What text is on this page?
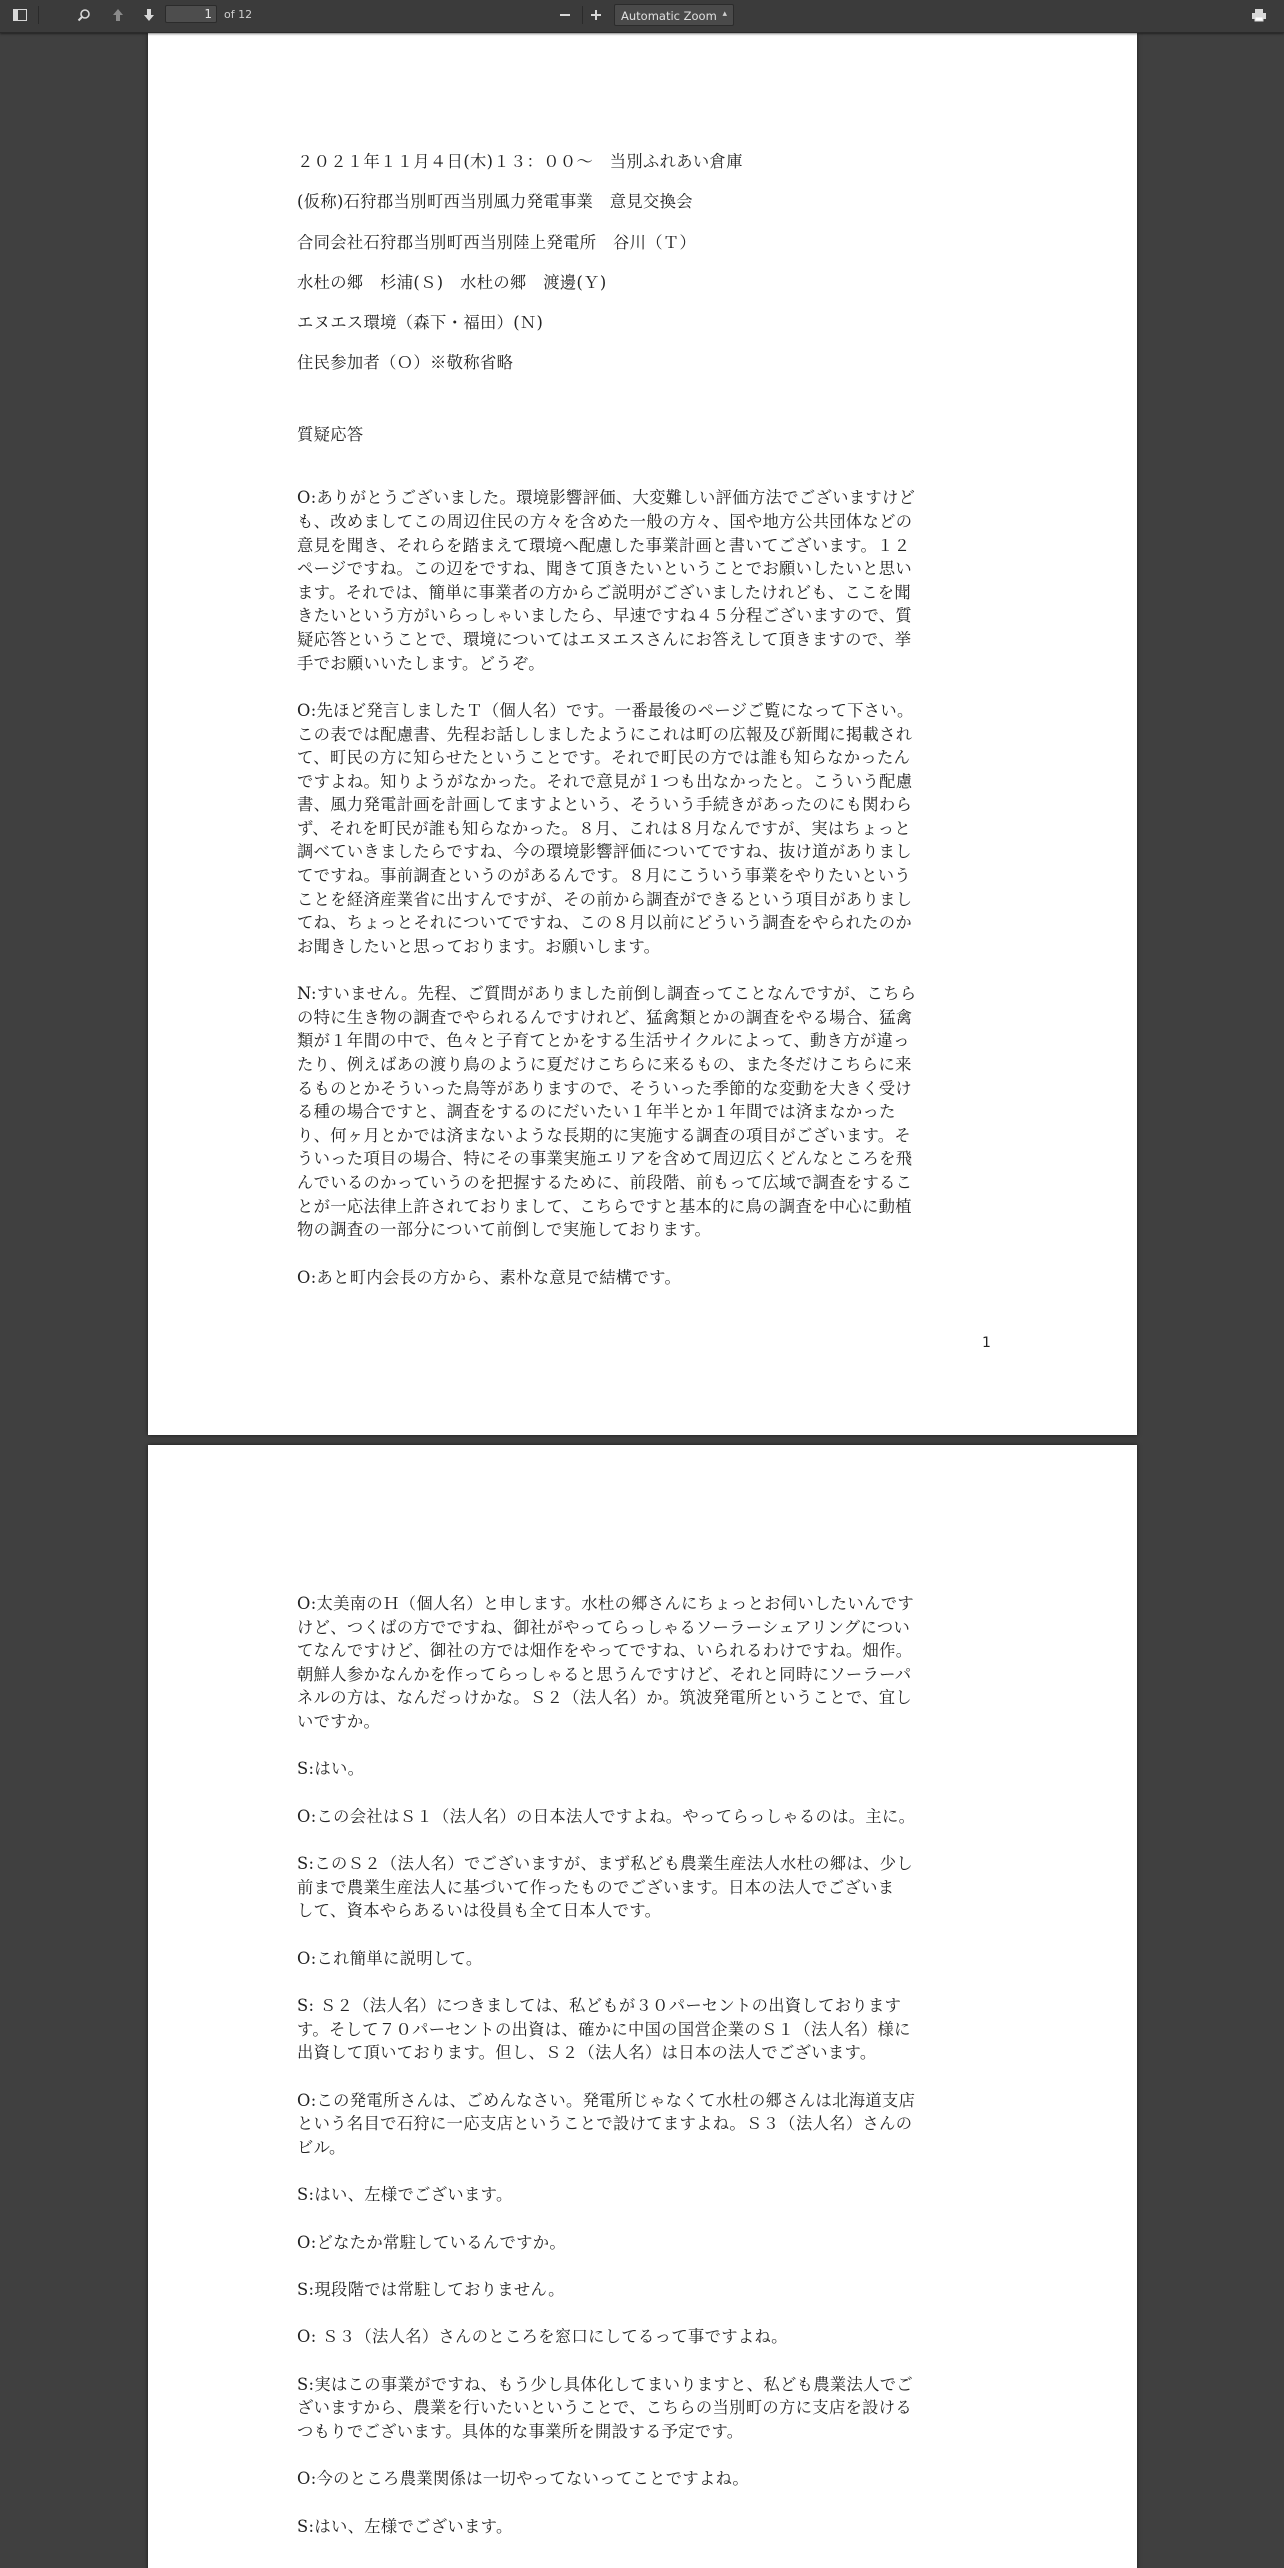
1	of 12	Automatic Zoom ▴︎

２０２１年１１月４日(木)１３：００～　当別ふれあい倉庫

(仮称)石狩郡当別町西当別風力発電事業　意見交換会

合同会社石狩郡当別町西当別陸上発電所　谷川（Ｔ）

水杜の郷　杉浦(Ｓ)　水杜の郷　渡邊(Ｙ)

エヌエス環境（森下・福田）(Ｎ)

住民参加者（Ｏ）※敬称省略

質疑応答

O:ありがとうございました。環境影響評価、大変難しい評価方法でございますけど
も、改めましてこの周辺住民の方々を含めた一般の方々、国や地方公共団体などの
意見を聞き、それらを踏まえて環境へ配慮した事業計画と書いてございます。１２
ページですね。この辺をですね、聞きて頂きたいということでお願いしたいと思い
ます。それでは、簡単に事業者の方からご説明がございましたけれども、ここを聞
きたいという方がいらっしゃいましたら、早速ですね４５分程ございますので、質
疑応答ということで、環境についてはエヌエスさんにお答えして頂きますので、挙
手でお願いいたします。どうぞ。
O:先ほど発言しましたＴ（個人名）です。一番最後のページご覧になって下さい。
この表では配慮書、先程お話ししましたようにこれは町の広報及び新聞に掲載され
て、町民の方に知らせたということです。それで町民の方では誰も知らなかったん
ですよね。知りようがなかった。それで意見が１つも出なかったと。こういう配慮
書、風力発電計画を計画してますよという、そういう手続きがあったのにも関わら
ず、それを町民が誰も知らなかった。８月、これは８月なんですが、実はちょっと
調べていきましたらですね、今の環境影響評価についてですね、抜け道がありまし
てですね。事前調査というのがあるんです。８月にこういう事業をやりたいという
ことを経済産業省に出すんですが、その前から調査ができるという項目がありまし
てね、ちょっとそれについてですね、この８月以前にどういう調査をやられたのか
お聞きしたいと思っております。お願いします。
N:すいません。先程、ご質問がありました前倒し調査ってことなんですが、こちら
の特に生き物の調査でやられるんですけれど、猛禽類とかの調査をやる場合、猛禽
類が１年間の中で、色々と子育てとかをする生活サイクルによって、動き方が違っ
たり、例えばあの渡り鳥のように夏だけこちらに来るもの、また冬だけこちらに来
るものとかそういった鳥等がありますので、そういった季節的な変動を大きく受け
る種の場合ですと、調査をするのにだいたい１年半とか１年間では済まなかった
り、何ヶ月とかでは済まないような長期的に実施する調査の項目がございます。そ
ういった項目の場合、特にその事業実施エリアを含めて周辺広くどんなところを飛
んでいるのかっていうのを把握するために、前段階、前もって広域で調査をするこ
とが一応法律上許されておりまして、こちらですと基本的に鳥の調査を中心に動植
物の調査の一部分について前倒しで実施しております。
O:あと町内会長の方から、素朴な意見で結構です。
1
O:太美南のＨ（個人名）と申します。水杜の郷さんにちょっとお伺いしたいんです
けど、つくばの方でですね、御社がやってらっしゃるソーラーシェアリングについ
てなんですけど、御社の方では畑作をやってですね、いられるわけですね。畑作。
朝鮮人参かなんかを作ってらっしゃると思うんですけど、それと同時にソーラーパ
ネルの方は、なんだっけかな。Ｓ２（法人名）か。筑波発電所ということで、宜し
いですか。
S:はい。
O:この会社はＳ１（法人名）の日本法人ですよね。やってらっしゃるのは。主に。
S:このＳ２（法人名）でございますが、まず私ども農業生産法人水杜の郷は、少し
前まで農業生産法人に基づいて作ったものでございます。日本の法人でございま
して、資本やらあるいは役員も全て日本人です。
O:これ簡単に説明して。
S: Ｓ２（法人名）につきましては、私どもが３０パーセントの出資しております
す。そして７０パーセントの出資は、確かに中国の国営企業のＳ１（法人名）様に
出資して頂いております。但し、Ｓ２（法人名）は日本の法人でございます。
O:この発電所さんは、ごめんなさい。発電所じゃなくて水杜の郷さんは北海道支店
という名目で石狩に一応支店ということで設けてますよね。Ｓ３（法人名）さんの
ビル。
S:はい、左様でございます。
O:どなたか常駐しているんですか。
S:現段階では常駐しておりません。
O: Ｓ３（法人名）さんのところを窓口にしてるって事ですよね。
S:実はこの事業がですね、もう少し具体化してまいりますと、私ども農業法人でご
ざいますから、農業を行いたいということで、こちらの当別町の方に支店を設ける
つもりでございます。具体的な事業所を開設する予定です。
O:今のところ農業関係は一切やってないってことですよね。
S:はい、左様でございます。
